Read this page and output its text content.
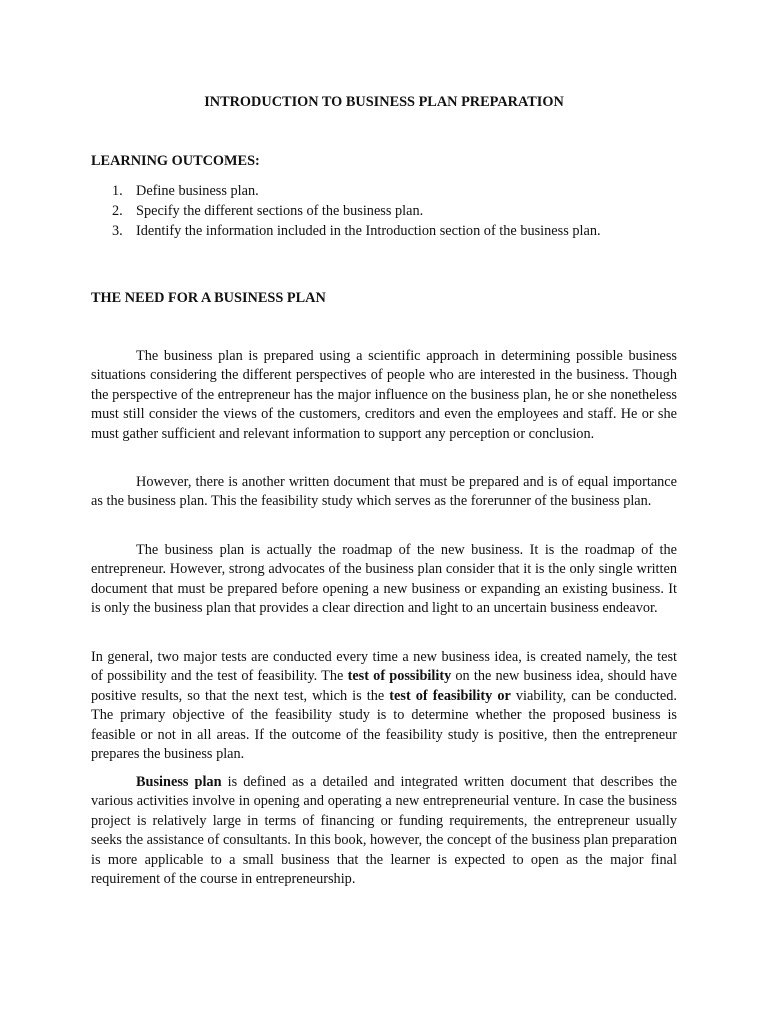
INTRODUCTION TO BUSINESS PLAN PREPARATION
LEARNING OUTCOMES:
1. Define business plan.
2. Specify the different sections of the business plan.
3. Identify the information included in the Introduction section of the business plan.
THE NEED FOR A BUSINESS PLAN

The business plan is prepared using a scientific approach in determining possible business situations considering the different perspectives of people who are interested in the business. Though the perspective of the entrepreneur has the major influence on the business plan, he or she nonetheless must still consider the views of the customers, creditors and even the employees and staff. He or she must gather sufficient and relevant information to support any perception or conclusion.

However, there is another written document that must be prepared and is of equal importance as the business plan. This the feasibility study which serves as the forerunner of the business plan.

The business plan is actually the roadmap of the new business. It is the roadmap of the entrepreneur. However, strong advocates of the business plan consider that it is the only single written document that must be prepared before opening a new business or expanding an existing business. It is only the business plan that provides a clear direction and light to an uncertain business endeavor.

In general, two major tests are conducted every time a new business idea, is created namely, the test of possibility and the test of feasibility. The test of possibility on the new business idea, should have positive results, so that the next test, which is the test of feasibility or viability, can be conducted. The primary objective of the feasibility study is to determine whether the proposed business is feasible or not in all areas. If the outcome of the feasibility study is positive, then the entrepreneur prepares the business plan.

Business plan is defined as a detailed and integrated written document that describes the various activities involve in opening and operating a new entrepreneurial venture. In case the business project is relatively large in terms of financing or funding requirements, the entrepreneur usually seeks the assistance of consultants. In this book, however, the concept of the business plan preparation is more applicable to a small business that the learner is expected to open as the major final requirement of the course in entrepreneurship.
